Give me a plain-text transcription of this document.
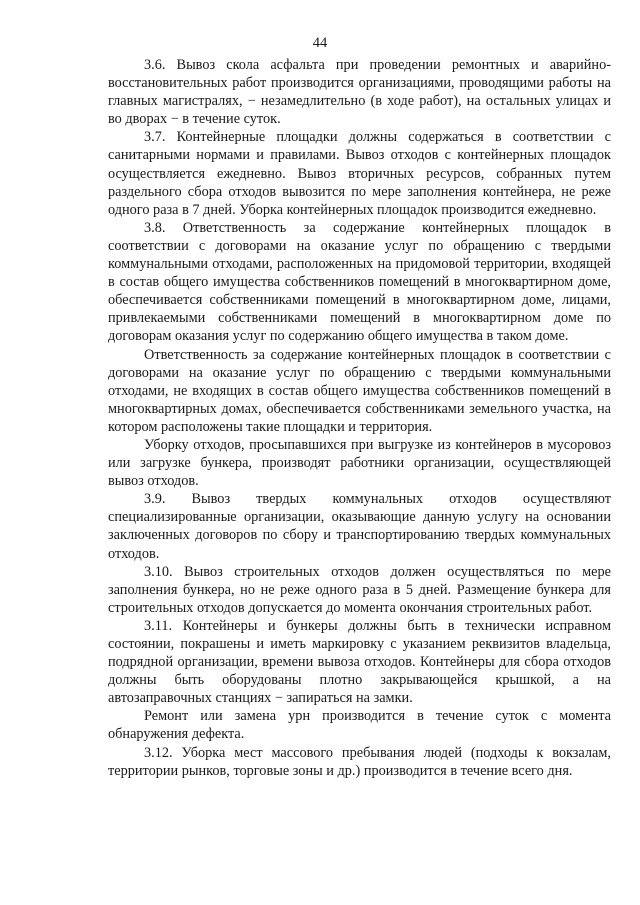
44

3.6. Вывоз скола асфальта при проведении ремонтных и аварийно-восстановительных работ производится организациями, проводящими работы на главных магистралях, − незамедлительно (в ходе работ), на остальных улицах и во дворах − в течение суток.

3.7. Контейнерные площадки должны содержаться в соответствии с санитарными нормами и правилами. Вывоз отходов с контейнерных площадок осуществляется ежедневно. Вывоз вторичных ресурсов, собранных путем раздельного сбора отходов вывозится по мере заполнения контейнера, не реже одного раза в 7 дней. Уборка контейнерных площадок производится ежедневно.

3.8. Ответственность за содержание контейнерных площадок в соответствии с договорами на оказание услуг по обращению с твердыми коммунальными отходами, расположенных на придомовой территории, входящей в состав общего имущества собственников помещений в многоквартирном доме, обеспечивается собственниками помещений в многоквартирном доме, лицами, привлекаемыми собственниками помещений в многоквартирном доме по договорам оказания услуг по содержанию общего имущества в таком доме.

Ответственность за содержание контейнерных площадок в соответствии с договорами на оказание услуг по обращению с твердыми коммунальными отходами, не входящих в состав общего имущества собственников помещений в многоквартирных домах, обеспечивается собственниками земельного участка, на котором расположены такие площадки и территория.

Уборку отходов, просыпавшихся при выгрузке из контейнеров в мусоровоз или загрузке бункера, производят работники организации, осуществляющей вывоз отходов.

3.9. Вывоз твердых коммунальных отходов осуществляют специализированные организации, оказывающие данную услугу на основании заключенных договоров по сбору и транспортированию твердых коммунальных отходов.

3.10. Вывоз строительных отходов должен осуществляться по мере заполнения бункера, но не реже одного раза в 5 дней. Размещение бункера для строительных отходов допускается до момента окончания строительных работ.

3.11. Контейнеры и бункеры должны быть в технически исправном состоянии, покрашены и иметь маркировку с указанием реквизитов владельца, подрядной организации, времени вывоза отходов. Контейнеры для сбора отходов должны быть оборудованы плотно закрывающейся крышкой, а на автозаправочных станциях − запираться на замки.

Ремонт или замена урн производится в течение суток с момента обнаружения дефекта.

3.12. Уборка мест массового пребывания людей (подходы к вокзалам, территории рынков, торговые зоны и др.) производится в течение всего дня.
